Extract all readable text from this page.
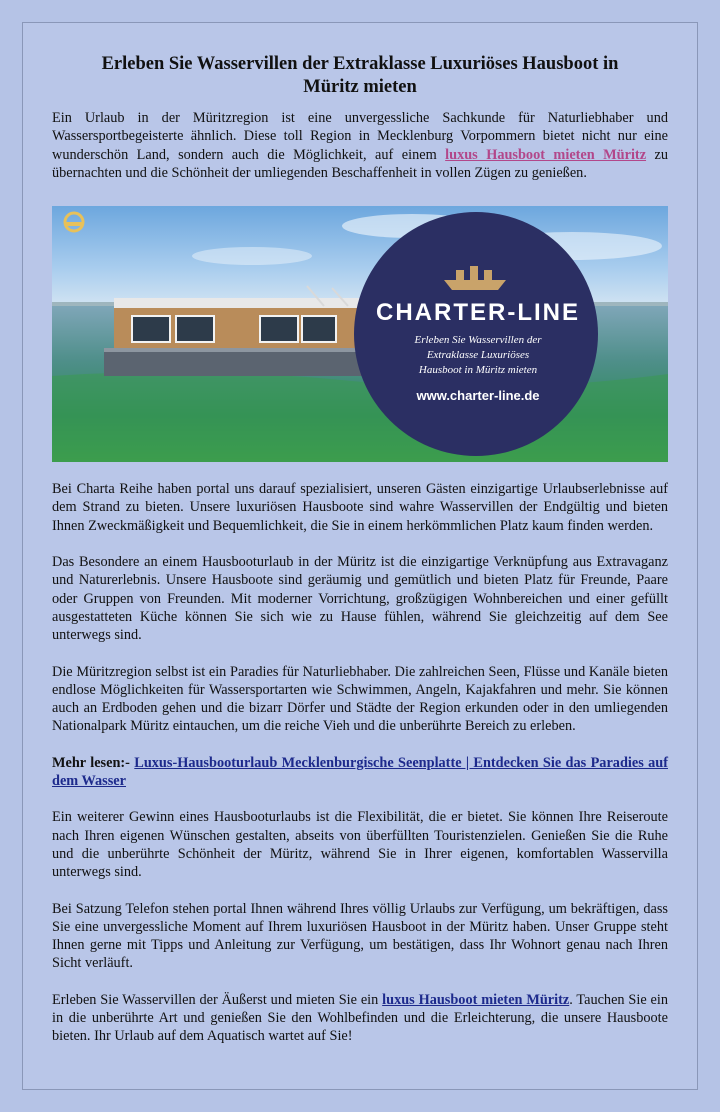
Erleben Sie Wasservillen der Extraklasse Luxuriöses Hausboot in Müritz mieten

Ein Urlaub in der Müritzregion ist eine unvergessliche Sachkunde für Naturliebhaber und Wassersportbegeisterte ähnlich. Diese toll Region in Mecklenburg Vorpommern bietet nicht nur eine wunderschön Land, sondern auch die Möglichkeit, auf einem luxus Hausboot mieten Müritz zu übernachten und die Schönheit der umliegenden Beschaffenheit in vollen Zügen zu genießen.

CHARTER-LINE
Erleben Sie Wasservillen der
Extraklasse Luxuriöses
Hausboot in Müritz mieten
www.charter-line.de

Bei Charta Reihe haben portal uns darauf spezialisiert, unseren Gästen einzigartige Urlaubserlebnisse auf dem Strand zu bieten. Unsere luxuriösen Hausboote sind wahre Wasservillen der Endgültig und bieten Ihnen Zweckmäßigkeit und Bequemlichkeit, die Sie in einem herkömmlichen Platz kaum finden werden.

Das Besondere an einem Hausbooturlaub in der Müritz ist die einzigartige Verknüpfung aus Extravaganz und Naturerlebnis. Unsere Hausboote sind geräumig und gemütlich und bieten Platz für Freunde, Paare oder Gruppen von Freunden. Mit moderner Vorrichtung, großzügigen Wohnbereichen und einer gefüllt ausgestatteten Küche können Sie sich wie zu Hause fühlen, während Sie gleichzeitig auf dem See unterwegs sind.

Die Müritzregion selbst ist ein Paradies für Naturliebhaber. Die zahlreichen Seen, Flüsse und Kanäle bieten endlose Möglichkeiten für Wassersportarten wie Schwimmen, Angeln, Kajakfahren und mehr. Sie können auch an Erdboden gehen und die bizarr Dörfer und Städte der Region erkunden oder in den umliegenden Nationalpark Müritz eintauchen, um die reiche Vieh und die unberührte Bereich zu erleben.

Mehr lesen:- Luxus-Hausbooturlaub Mecklenburgische Seenplatte | Entdecken Sie das Paradies auf dem Wasser

Ein weiterer Gewinn eines Hausbooturlaubs ist die Flexibilität, die er bietet. Sie können Ihre Reiseroute nach Ihren eigenen Wünschen gestalten, abseits von überfüllten Touristenzielen. Genießen Sie die Ruhe und die unberührte Schönheit der Müritz, während Sie in Ihrer eigenen, komfortablen Wasservilla unterwegs sind.

Bei Satzung Telefon stehen portal Ihnen während Ihres völlig Urlaubs zur Verfügung, um bekräftigen, dass Sie eine unvergessliche Moment auf Ihrem luxuriösen Hausboot in der Müritz haben. Unser Gruppe steht Ihnen gerne mit Tipps und Anleitung zur Verfügung, um bestätigen, dass Ihr Wohnort genau nach Ihren Sicht verläuft.

Erleben Sie Wasservillen der Äußerst und mieten Sie ein luxus Hausboot mieten Müritz. Tauchen Sie ein in die unberührte Art und genießen Sie den Wohlbefinden und die Erleichterung, die unsere Hausboote bieten. Ihr Urlaub auf dem Aquatisch wartet auf Sie!
